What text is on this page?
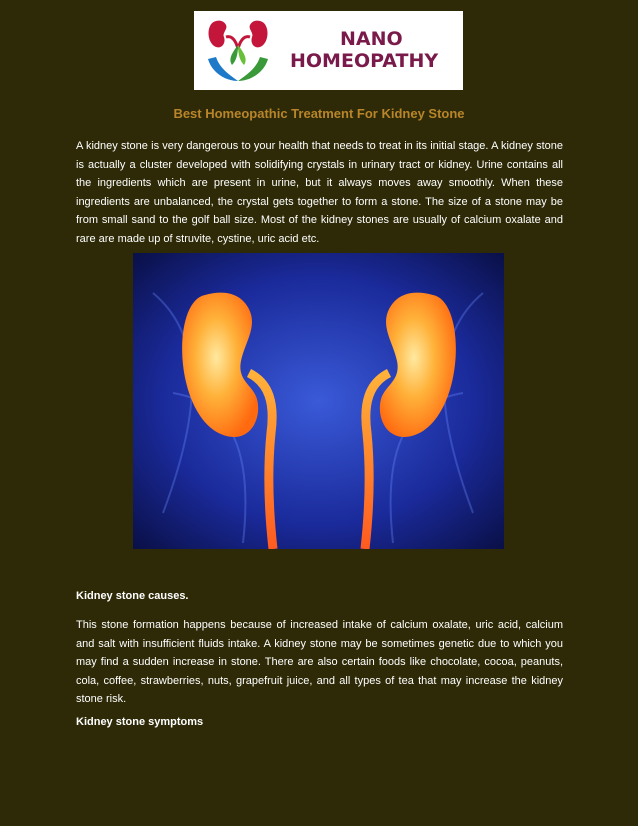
NANO
HOMEOPATHY
Best Homeopathic Treatment For Kidney Stone

A kidney stone is very dangerous to your health that needs to treat in its initial stage. A kidney stone is actually a cluster developed with solidifying crystals in urinary tract or kidney. Urine contains all the ingredients which are present in urine, but it always moves away smoothly. When these ingredients are unbalanced, the crystal gets together to form a stone. The size of a stone may be from small sand to the golf ball size. Most of the kidney stones are usually of calcium oxalate and rare are made up of struvite, cystine, uric acid etc.

Kidney stone causes.

This stone formation happens because of increased intake of calcium oxalate, uric acid, calcium and salt with insufficient fluids intake. A kidney stone may be sometimes genetic due to which you may find a sudden increase in stone. There are also certain foods like chocolate, cocoa, peanuts, cola, coffee, strawberries, nuts, grapefruit juice, and all types of tea that may increase the kidney stone risk.

Kidney stone symptoms
